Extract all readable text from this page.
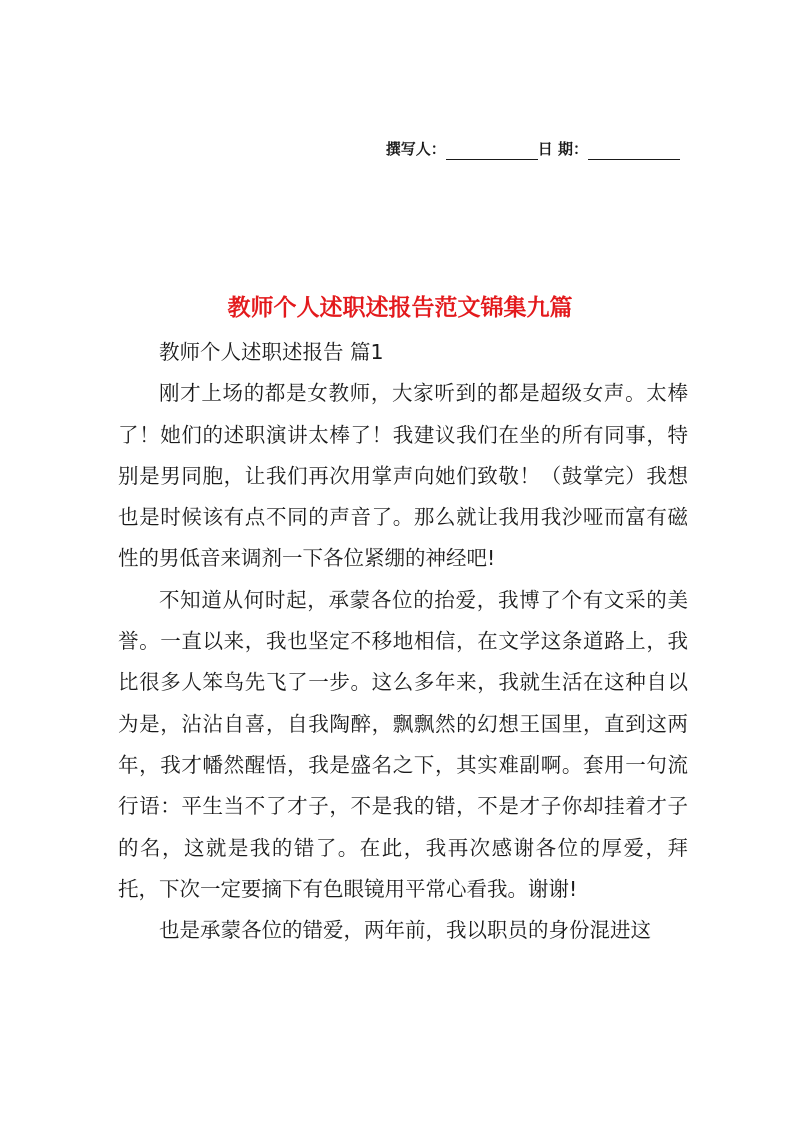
撰写人：	日 期：
教师个人述职述报告范文锦集九篇

教师个人述职述报告 篇1

刚才上场的都是女教师，大家听到的都是超级女声。太棒了！她们的述职演讲太棒了！我建议我们在坐的所有同事，特别是男同胞，让我们再次用掌声向她们致敬！（鼓掌完）我想也是时候该有点不同的声音了。那么就让我用我沙哑而富有磁性的男低音来调剂一下各位紧绷的神经吧!

不知道从何时起，承蒙各位的抬爱，我博了个有文采的美誉。一直以来，我也坚定不移地相信，在文学这条道路上，我比很多人笨鸟先飞了一步。这么多年来，我就生活在这种自以为是，沾沾自喜，自我陶醉，飘飘然的幻想王国里，直到这两年，我才幡然醒悟，我是盛名之下，其实难副啊。套用一句流行语：平生当不了才子，不是我的错，不是才子你却挂着才子的名，这就是我的错了。在此，我再次感谢各位的厚爱，拜托，下次一定要摘下有色眼镜用平常心看我。谢谢!

也是承蒙各位的错爱，两年前，我以职员的身份混进这
